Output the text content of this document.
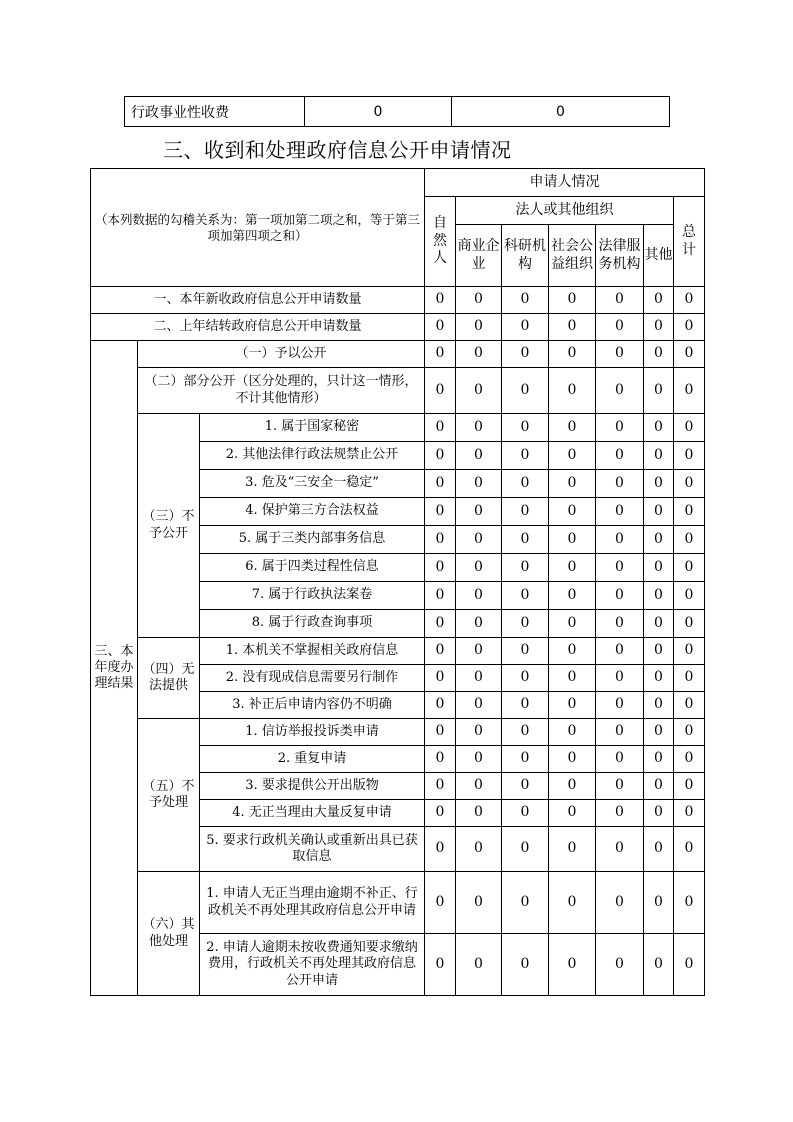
行政事业性收费	0	0
三、收到和处理政府信息公开申请情况
（本列数据的勾稽关系为：第一项加第二项之和，等于第三项加第四项之和）			申请人情况						
			自然人	法人或其他组织					总计
				商业企业	科研机构	社会公益组织	法律服务机构	其他	
一、本年新收政府信息公开申请数量			0	0	0	0	0	0	0
二、上年结转政府信息公开申请数量			0	0	0	0	0	0	0
三、本年度办理结果	（一）予以公开		0	0	0	0	0	0	0
	（二）部分公开（区分处理的，只计这一情形，不计其他情形）		0	0	0	0	0	0	0
	（三）不予公开	1. 属于国家秘密	0	0	0	0	0	0	0
		2. 其他法律行政法规禁止公开	0	0	0	0	0	0	0
		3. 危及“三安全一稳定”	0	0	0	0	0	0	0
		4. 保护第三方合法权益	0	0	0	0	0	0	0
		5. 属于三类内部事务信息	0	0	0	0	0	0	0
		6. 属于四类过程性信息	0	0	0	0	0	0	0
		7. 属于行政执法案卷	0	0	0	0	0	0	0
		8. 属于行政查询事项	0	0	0	0	0	0	0
	（四）无法提供	1. 本机关不掌握相关政府信息	0	0	0	0	0	0	0
		2. 没有现成信息需要另行制作	0	0	0	0	0	0	0
		3. 补正后申请内容仍不明确	0	0	0	0	0	0	0
	（五）不予处理	1. 信访举报投诉类申请	0	0	0	0	0	0	0
		2. 重复申请	0	0	0	0	0	0	0
		3. 要求提供公开出版物	0	0	0	0	0	0	0
		4. 无正当理由大量反复申请	0	0	0	0	0	0	0
		5. 要求行政机关确认或重新出具已获取信息	0	0	0	0	0	0	0
	（六）其他处理	1. 申请人无正当理由逾期不补正、行政机关不再处理其政府信息公开申请	0	0	0	0	0	0	0
		2. 申请人逾期未按收费通知要求缴纳费用，行政机关不再处理其政府信息公开申请	0	0	0	0	0	0	0
